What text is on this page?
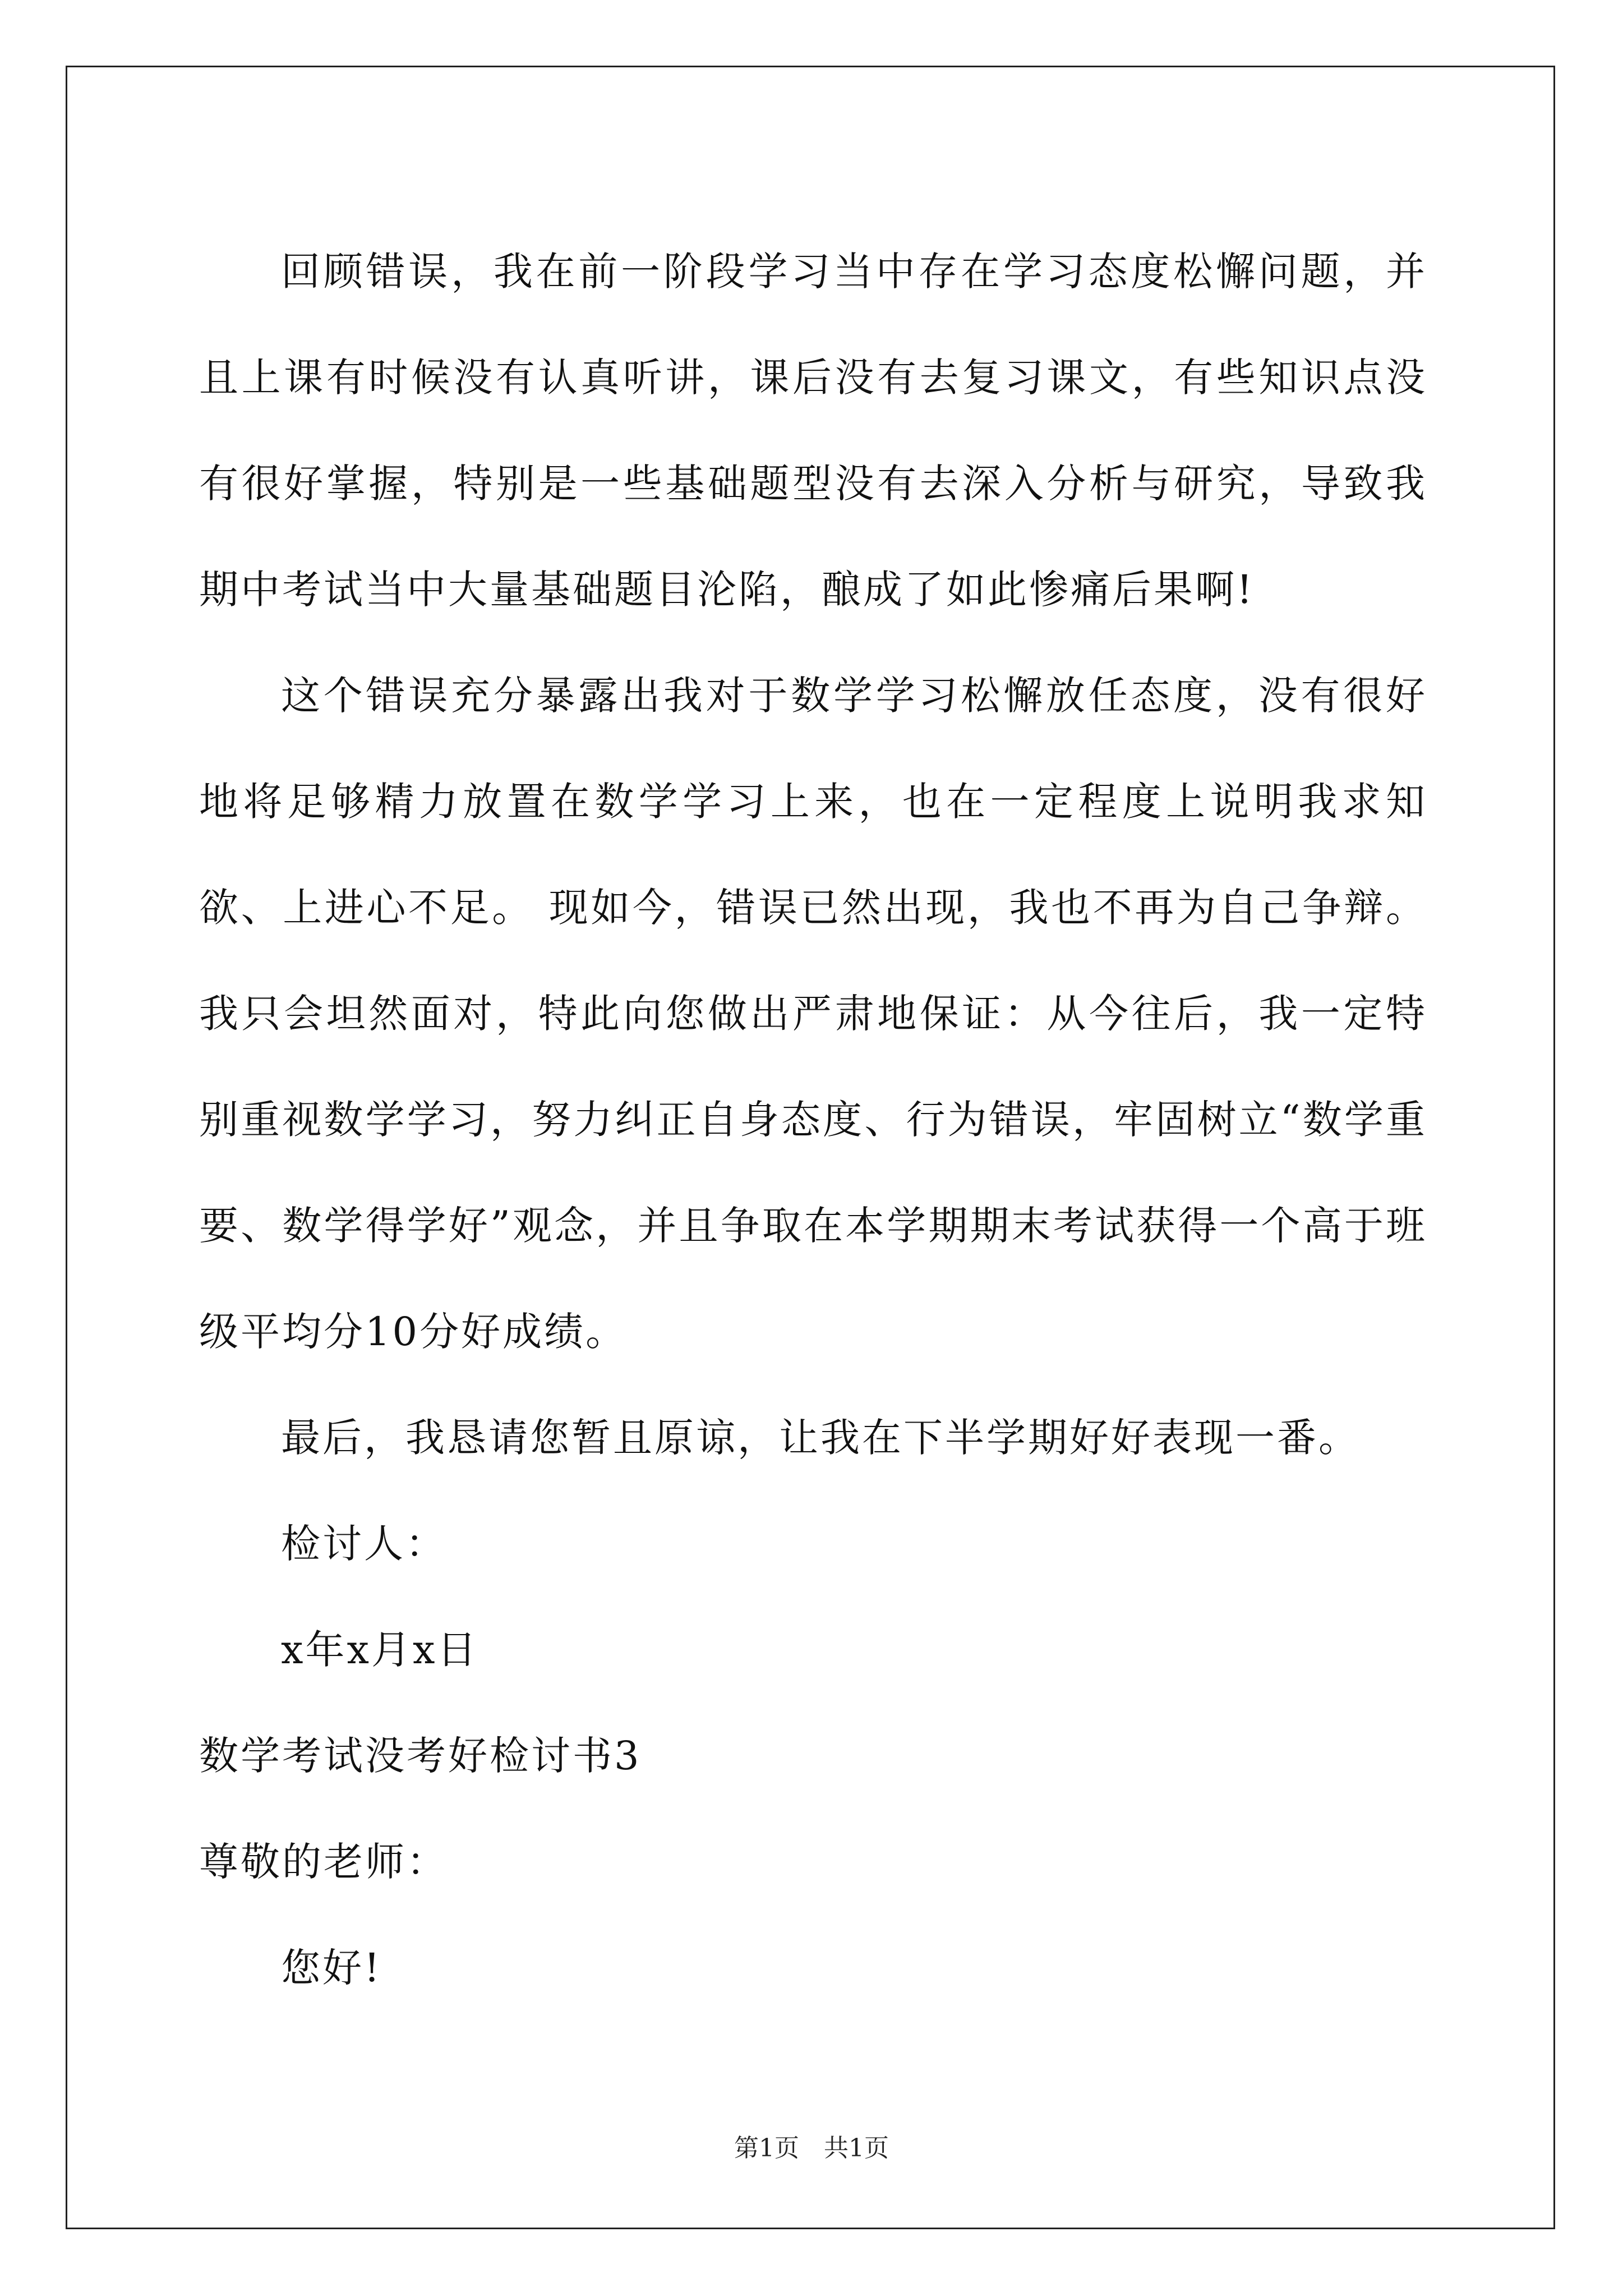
回顾错误，我在前一阶段学习当中存在学习态度松懈问题，并且上课有时候没有认真听讲，课后没有去复习课文，有些知识点没有很好掌握，特别是一些基础题型没有去深入分析与研究，导致我期中考试当中大量基础题目沦陷，酿成了如此惨痛后果啊!

这个错误充分暴露出我对于数学学习松懈放任态度，没有很好地将足够精力放置在数学学习上来，也在一定程度上说明我求知欲、上进心不足。 现如今，错误已然出现，我也不再为自己争辩。我只会坦然面对，特此向您做出严肃地保证：从今往后，我一定特别重视数学学习，努力纠正自身态度、行为错误，牢固树立“数学重要、数学得学好”观念，并且争取在本学期期末考试获得一个高于班级平均分10分好成绩。

最后，我恳请您暂且原谅，让我在下半学期好好表现一番。

检讨人：

x年x月x日

数学考试没考好检讨书3

尊敬的老师：

您好!

第1页　共1页
